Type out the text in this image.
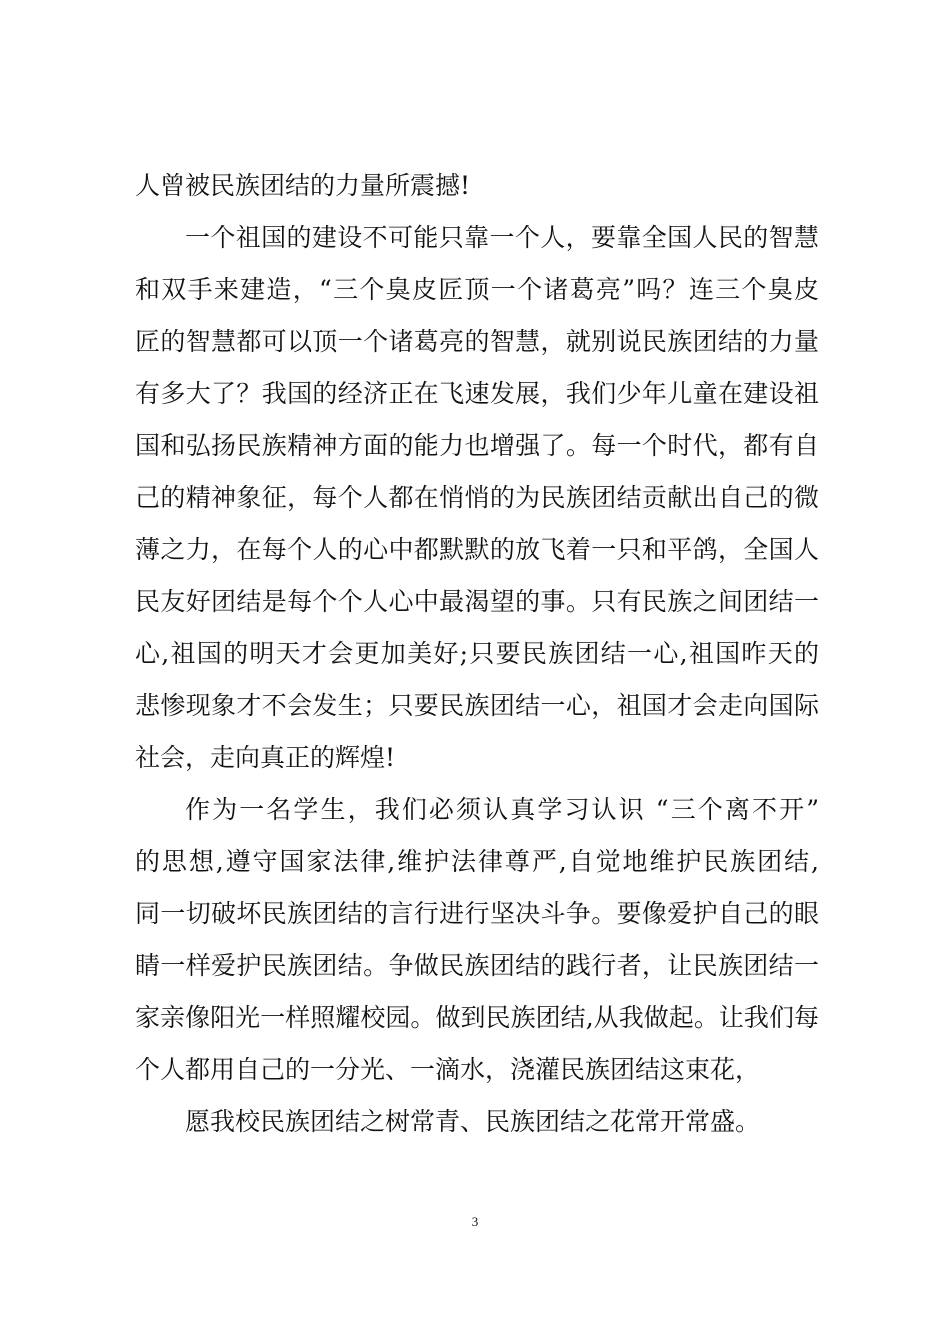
人曾被民族团结的力量所震撼!
一个祖国的建设不可能只靠一个人，要靠全国人民的智慧
和双手来建造，“三个臭皮匠顶一个诸葛亮”吗？连三个臭皮
匠的智慧都可以顶一个诸葛亮的智慧，就别说民族团结的力量
有多大了？我国的经济正在飞速发展，我们少年儿童在建设祖
国和弘扬民族精神方面的能力也增强了。每一个时代，都有自
己的精神象征，每个人都在悄悄的为民族团结贡献出自己的微
薄之力，在每个人的心中都默默的放飞着一只和平鸽，全国人
民友好团结是每个个人心中最渴望的事。只有民族之间团结一
心,祖国的明天才会更加美好;只要民族团结一心,祖国昨天的
悲惨现象才不会发生；只要民族团结一心，祖国才会走向国际
社会，走向真正的辉煌!
作为一名学生，我们必须认真学习认识 “三个离不开”
的思想,遵守国家法律,维护法律尊严,自觉地维护民族团结,
同一切破坏民族团结的言行进行坚决斗争。要像爱护自己的眼
睛一样爱护民族团结。争做民族团结的践行者，让民族团结一
家亲像阳光一样照耀校园。做到民族团结,从我做起。让我们每
个人都用自己的一分光、一滴水，浇灌民族团结这束花，
愿我校民族团结之树常青、民族团结之花常开常盛。
3
